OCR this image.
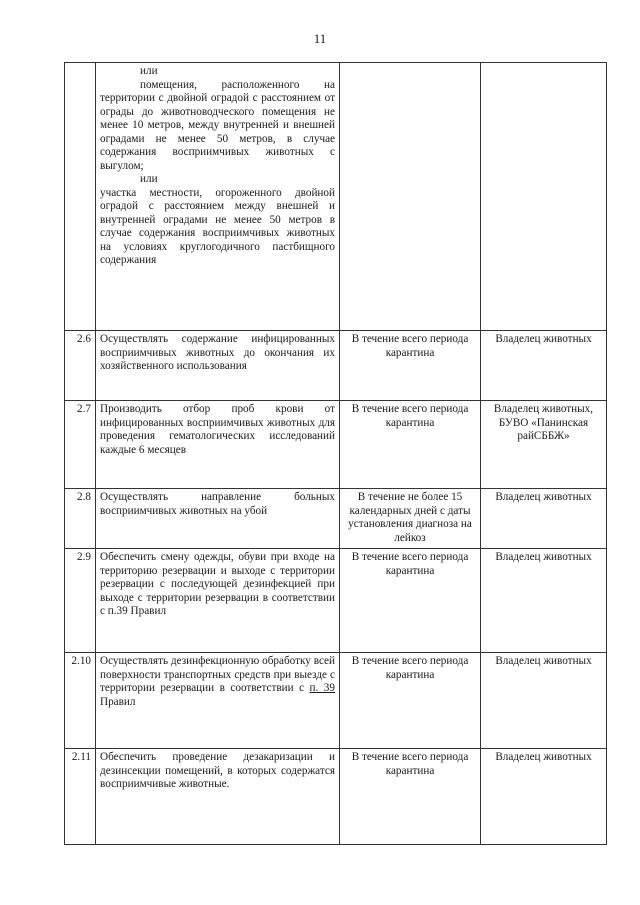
11

	или

помещения, расположенного на территории с двойной оградой с расстоянием от ограды до животноводческого помещения не менее 10 метров, между внутренней и внешней оградами не менее 50 метров, в случае содержания восприимчивых животных с выгулом;

или

участка местности, огороженного двойной оградой с расстоянием между внешней и внутренней оградами не менее 50 метров в случае содержания восприимчивых животных на условиях круглогодичного пастбищного содержания		

2.6	Осуществлять содержание инфицированных восприимчивых животных до окончания их хозяйственного использования	В течение всего периода карантина	Владелец животных
2.7	Производить отбор проб крови от инфицированных восприимчивых животных для проведения гематологических исследований каждые 6 месяцев	В течение всего периода карантина	Владелец животных, БУВО «Панинская райСББЖ»
2.8	Осуществлять направление больных восприимчивых животных на убой	В течение не более 15 календарных дней с даты установления диагноза на лейкоз	Владелец животных
2.9	Обеспечить смену одежды, обуви при входе на территорию резервации и выходе с территории резервации с последующей дезинфекцией при выходе с территории резервации в соответствии с п.39 Правил	В течение всего периода карантина	Владелец животных
2.10	Осуществлять дезинфекционную обработку всей поверхности транспортных средств при выезде с территории резервации в соответствии с п. 39 Правил	В течение всего периода карантина	Владелец животных
2.11	Обеспечить проведение дезакаризации и дезинсекции помещений, в которых содержатся восприимчивые животные.	В течение всего периода карантина	Владелец животных
